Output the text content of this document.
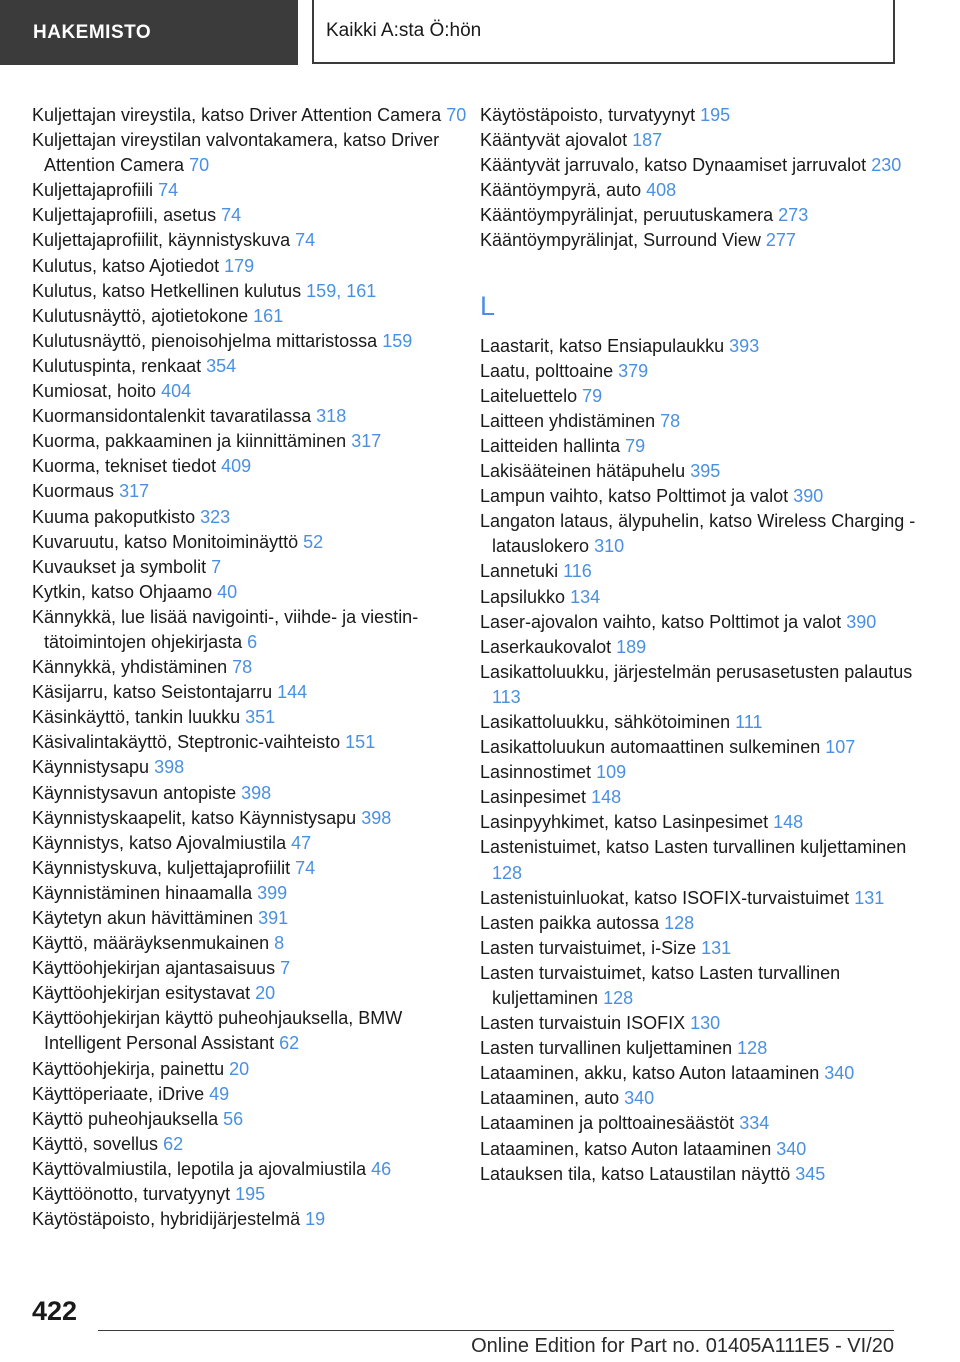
HAKEMISTO	Kaikki A:sta Ö:hön
Kuljettajan vireystila, katso Driver Attention Camera 70
Kuljettajan vireystilan valvontakamera, katso Driver Attention Camera 70
Kuljettajaprofiili 74
Kuljettajaprofiili, asetus 74
Kuljettajaprofiilit, käynnistyskuva 74
Kulutus, katso Ajotiedot 179
Kulutus, katso Hetkellinen kulutus 159, 161
Kulutusnäyttö, ajotietokone 161
Kulutusnäyttö, pienoisohjelma mittaristossa 159
Kulutuspinta, renkaat 354
Kumiosat, hoito 404
Kuormansidontalenkit tavaratilassa 318
Kuorma, pakkaaminen ja kiinnittäminen 317
Kuorma, tekniset tiedot 409
Kuormaus 317
Kuuma pakoputkisto 323
Kuvaruutu, katso Monitoiminäyttö 52
Kuvaukset ja symbolit 7
Kytkin, katso Ohjaamo 40
Kännykkä, lue lisää navigointi-, viihde- ja viestintätoimintojen ohjekirjasta 6
Kännykkä, yhdistäminen 78
Käsijarru, katso Seistontajarru 144
Käsinkäyttö, tankin luukku 351
Käsivalintakäyttö, Steptronic-vaihteisto 151
Käynnistysapu 398
Käynnistysavun antopiste 398
Käynnistyskaapelit, katso Käynnistysapu 398
Käynnistys, katso Ajovalmiustila 47
Käynnistyskuva, kuljettajaprofiilit 74
Käynnistäminen hinaamalla 399
Käytetyn akun hävittäminen 391
Käyttö, määräyksenmukainen 8
Käyttöohjekirjan ajantasaisuus 7
Käyttöohjekirjan esitystavat 20
Käyttöohjekirjan käyttö puheohjauksella, BMW Intelligent Personal Assistant 62
Käyttöohjekirja, painettu 20
Käyttöperiaate, iDrive 49
Käyttö puheohjauksella 56
Käyttö, sovellus 62
Käyttövalmiustila, lepotila ja ajovalmiustila 46
Käyttöönotto, turvatyynyt 195
Käytöstäpoisto, hybridijärjestelmä 19
Käytöstäpoisto, turvatyynyt 195
Kääntyvät ajovalot 187
Kääntyvät jarruvalo, katso Dynaamiset jarruvalot 230
Kääntöympyrä, auto 408
Kääntöympyrälinjat, peruutuskamera 273
Kääntöympyrälinjat, Surround View 277
L
Laastarit, katso Ensiapulaukku 393
Laatu, polttoaine 379
Laiteluettelo 79
Laitteen yhdistäminen 78
Laitteiden hallinta 79
Lakisääteinen hätäpuhelu 395
Lampun vaihto, katso Polttimot ja valot 390
Langaton lataus, älypuhelin, katso Wireless Charging -latauslokero 310
Lannetuki 116
Lapsilukko 134
Laser-ajovalon vaihto, katso Polttimot ja valot 390
Laserkaukovalot 189
Lasikattoluukku, järjestelmän perusasetusten palautus 113
Lasikattoluukku, sähkötoiminen 111
Lasikattoluukun automaattinen sulkeminen 107
Lasinnostimet 109
Lasinpesimet 148
Lasinpyyhkimet, katso Lasinpesimet 148
Lastenistuimet, katso Lasten turvallinen kuljettaminen 128
Lastenistuinluokat, katso ISOFIX-turvaistuimet 131
Lasten paikka autossa 128
Lasten turvaistuimet, i-Size 131
Lasten turvaistuimet, katso Lasten turvallinen kuljettaminen 128
Lasten turvaistuin ISOFIX 130
Lasten turvallinen kuljettaminen 128
Lataaminen, akku, katso Auton lataaminen 340
Lataaminen, auto 340
Lataaminen ja polttoainesäästöt 334
Lataaminen, katso Auton lataaminen 340
Latauksen tila, katso Lataustilan näyttö 345
422
Online Edition for Part no. 01405A111E5 - VI/20
